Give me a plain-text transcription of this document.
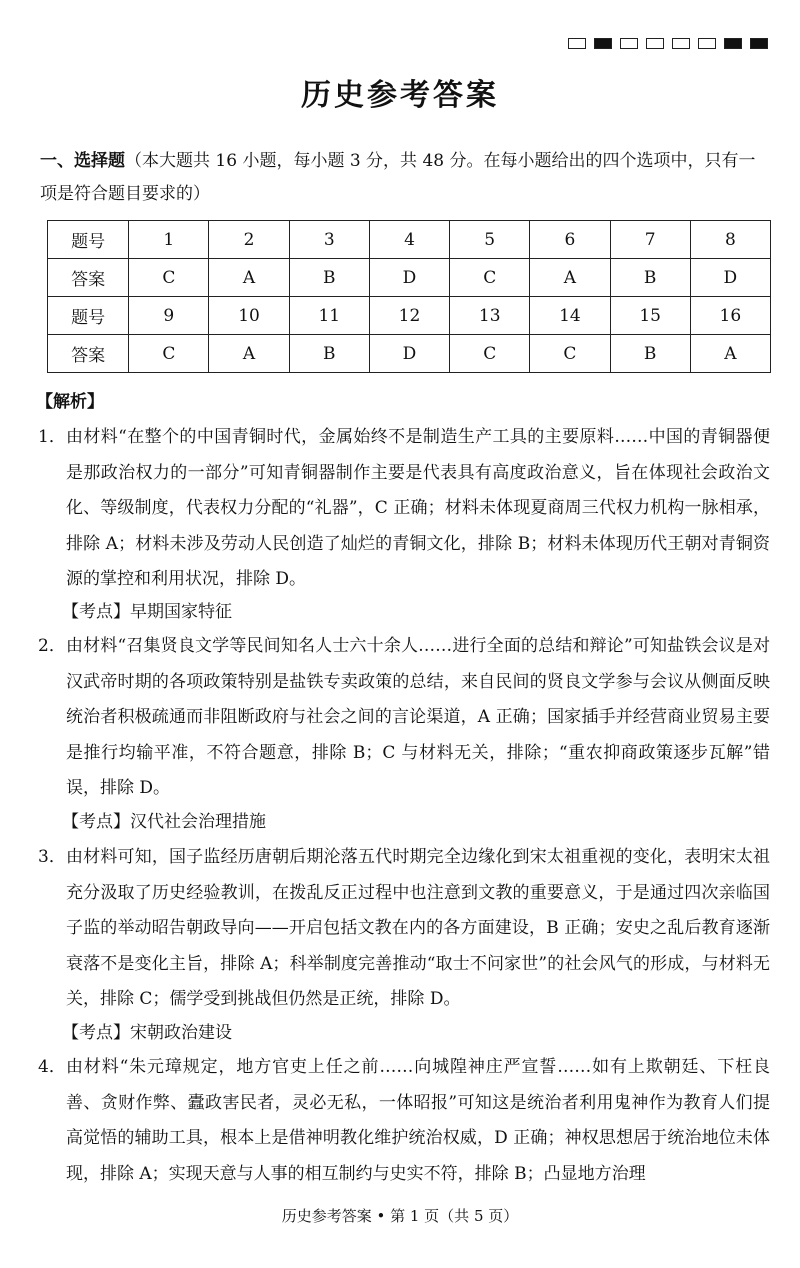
历史参考答案
一、选择题（本大题共 16 小题，每小题 3 分，共 48 分。在每小题给出的四个选项中，只有一项是符合题目要求的）
题号	1	2	3	4	5	6	7	8
答案	C	A	B	D	C	A	B	D
题号	9	10	11	12	13	14	15	16
答案	C	A	B	D	C	C	B	A
【解析】
1． 由材料“在整个的中国青铜时代，金属始终不是制造生产工具的主要原料……中国的青铜器便是那政治权力的一部分”可知青铜器制作主要是代表具有高度政治意义，旨在体现社会政治文化、等级制度，代表权力分配的“礼器”，C 正确；材料未体现夏商周三代权力机构一脉相承，排除 A；材料未涉及劳动人民创造了灿烂的青铜文化，排除 B；材料未体现历代王朝对青铜资源的掌控和利用状况，排除 D。
【考点】早期国家特征
2． 由材料“召集贤良文学等民间知名人士六十余人……进行全面的总结和辩论”可知盐铁会议是对汉武帝时期的各项政策特别是盐铁专卖政策的总结，来自民间的贤良文学参与会议从侧面反映统治者积极疏通而非阻断政府与社会之间的言论渠道，A 正确；国家插手并经营商业贸易主要是推行均输平准，不符合题意，排除 B；C 与材料无关，排除；“重农抑商政策逐步瓦解”错误，排除 D。
【考点】汉代社会治理措施
3． 由材料可知，国子监经历唐朝后期沦落五代时期完全边缘化到宋太祖重视的变化，表明宋太祖充分汲取了历史经验教训，在拨乱反正过程中也注意到文教的重要意义，于是通过四次亲临国子监的举动昭告朝政导向——开启包括文教在内的各方面建设，B 正确；安史之乱后教育逐渐衰落不是变化主旨，排除 A；科举制度完善推动“取士不问家世”的社会风气的形成，与材料无关，排除 C；儒学受到挑战但仍然是正统，排除 D。
【考点】宋朝政治建设
4． 由材料“朱元璋规定，地方官吏上任之前……向城隍神庄严宣誓……如有上欺朝廷、下枉良善、贪财作弊、蠹政害民者，灵必无私，一体昭报”可知这是统治者利用鬼神作为教育人们提高觉悟的辅助工具，根本上是借神明教化维护统治权威，D 正确；神权思想居于统治地位未体现，排除 A；实现天意与人事的相互制约与史实不符，排除 B；凸显地方治理
历史参考答案 • 第 1 页（共 5 页）
